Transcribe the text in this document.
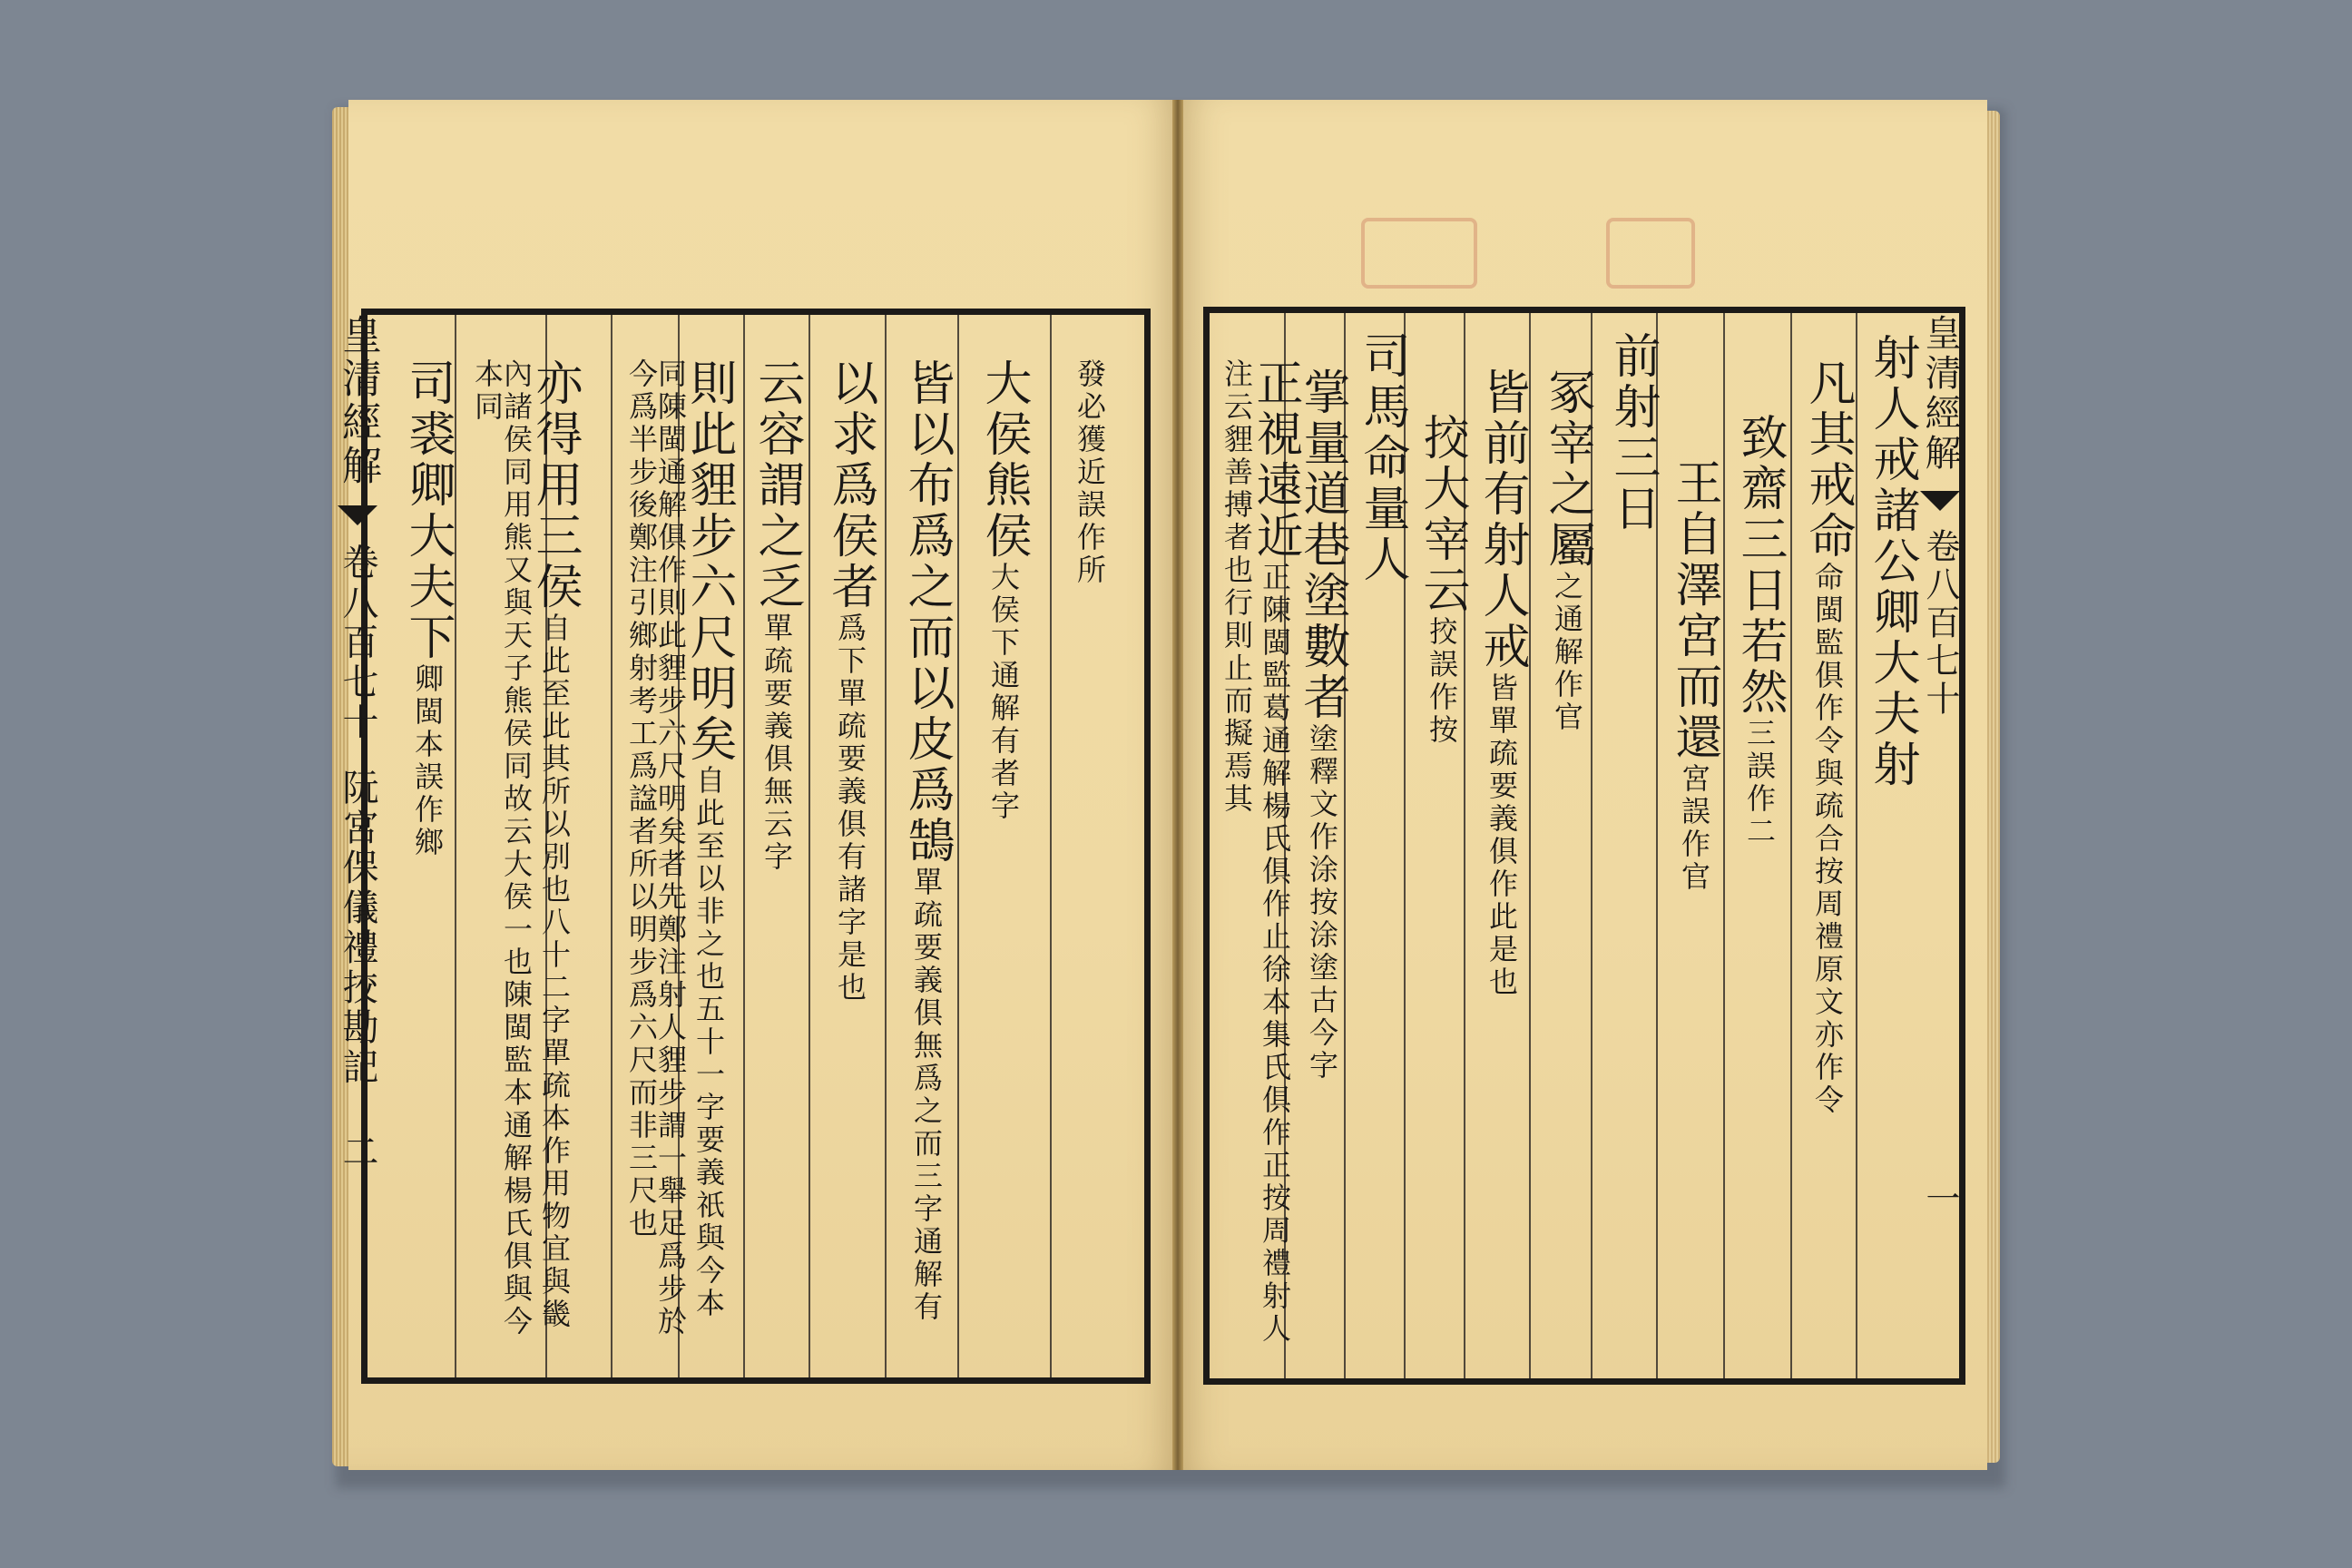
發必獲近誤作所
大侯熊侯大侯下通解有者字
皆以布爲之而以皮爲鵠單疏要義俱無爲之而三字通解有
以求爲侯者爲下單疏要義俱有諸字是也
云容謂之乏單疏要義俱無云字
則此貍步六尺明矣自此至以非之也五十一字要義祇與今本同陳閩通解俱作則此貍步六尺明矣者先鄭注射人貍步謂一舉足爲步於今爲半步後鄭注引鄉射考工爲諡者所以明步爲六尺而非三尺也
亦得用三侯自此至此其所以別也八十二字單疏本作用物宜與畿內諸侯同用熊又與天子熊侯同故云大侯一也陳閩監本通解楊氏俱與今本同
司裘卿大夫下卿閩本誤作鄉
皇清經解  卷八百七十 阮宮保儀禮挍勘記 二
射人戒諸公卿大夫射
凡其戒命命閩監俱作令與疏合按周禮原文亦作令
致齋三日若然三誤作二
王自澤宮而還宮誤作官
前射三日
冢宰之屬之通解作官
皆前有射人戒皆單疏要義俱作此是也
挍大宰云挍誤作按
司馬命量人
掌量道巷塗數者塗釋文作涂按涂塗古今字
正視遠近正陳閩監葛通解楊氏俱作止徐本集氏俱作正按周禮射人注云貍善搏者也行則止而擬焉其	皇清經解  卷八百七十 一
